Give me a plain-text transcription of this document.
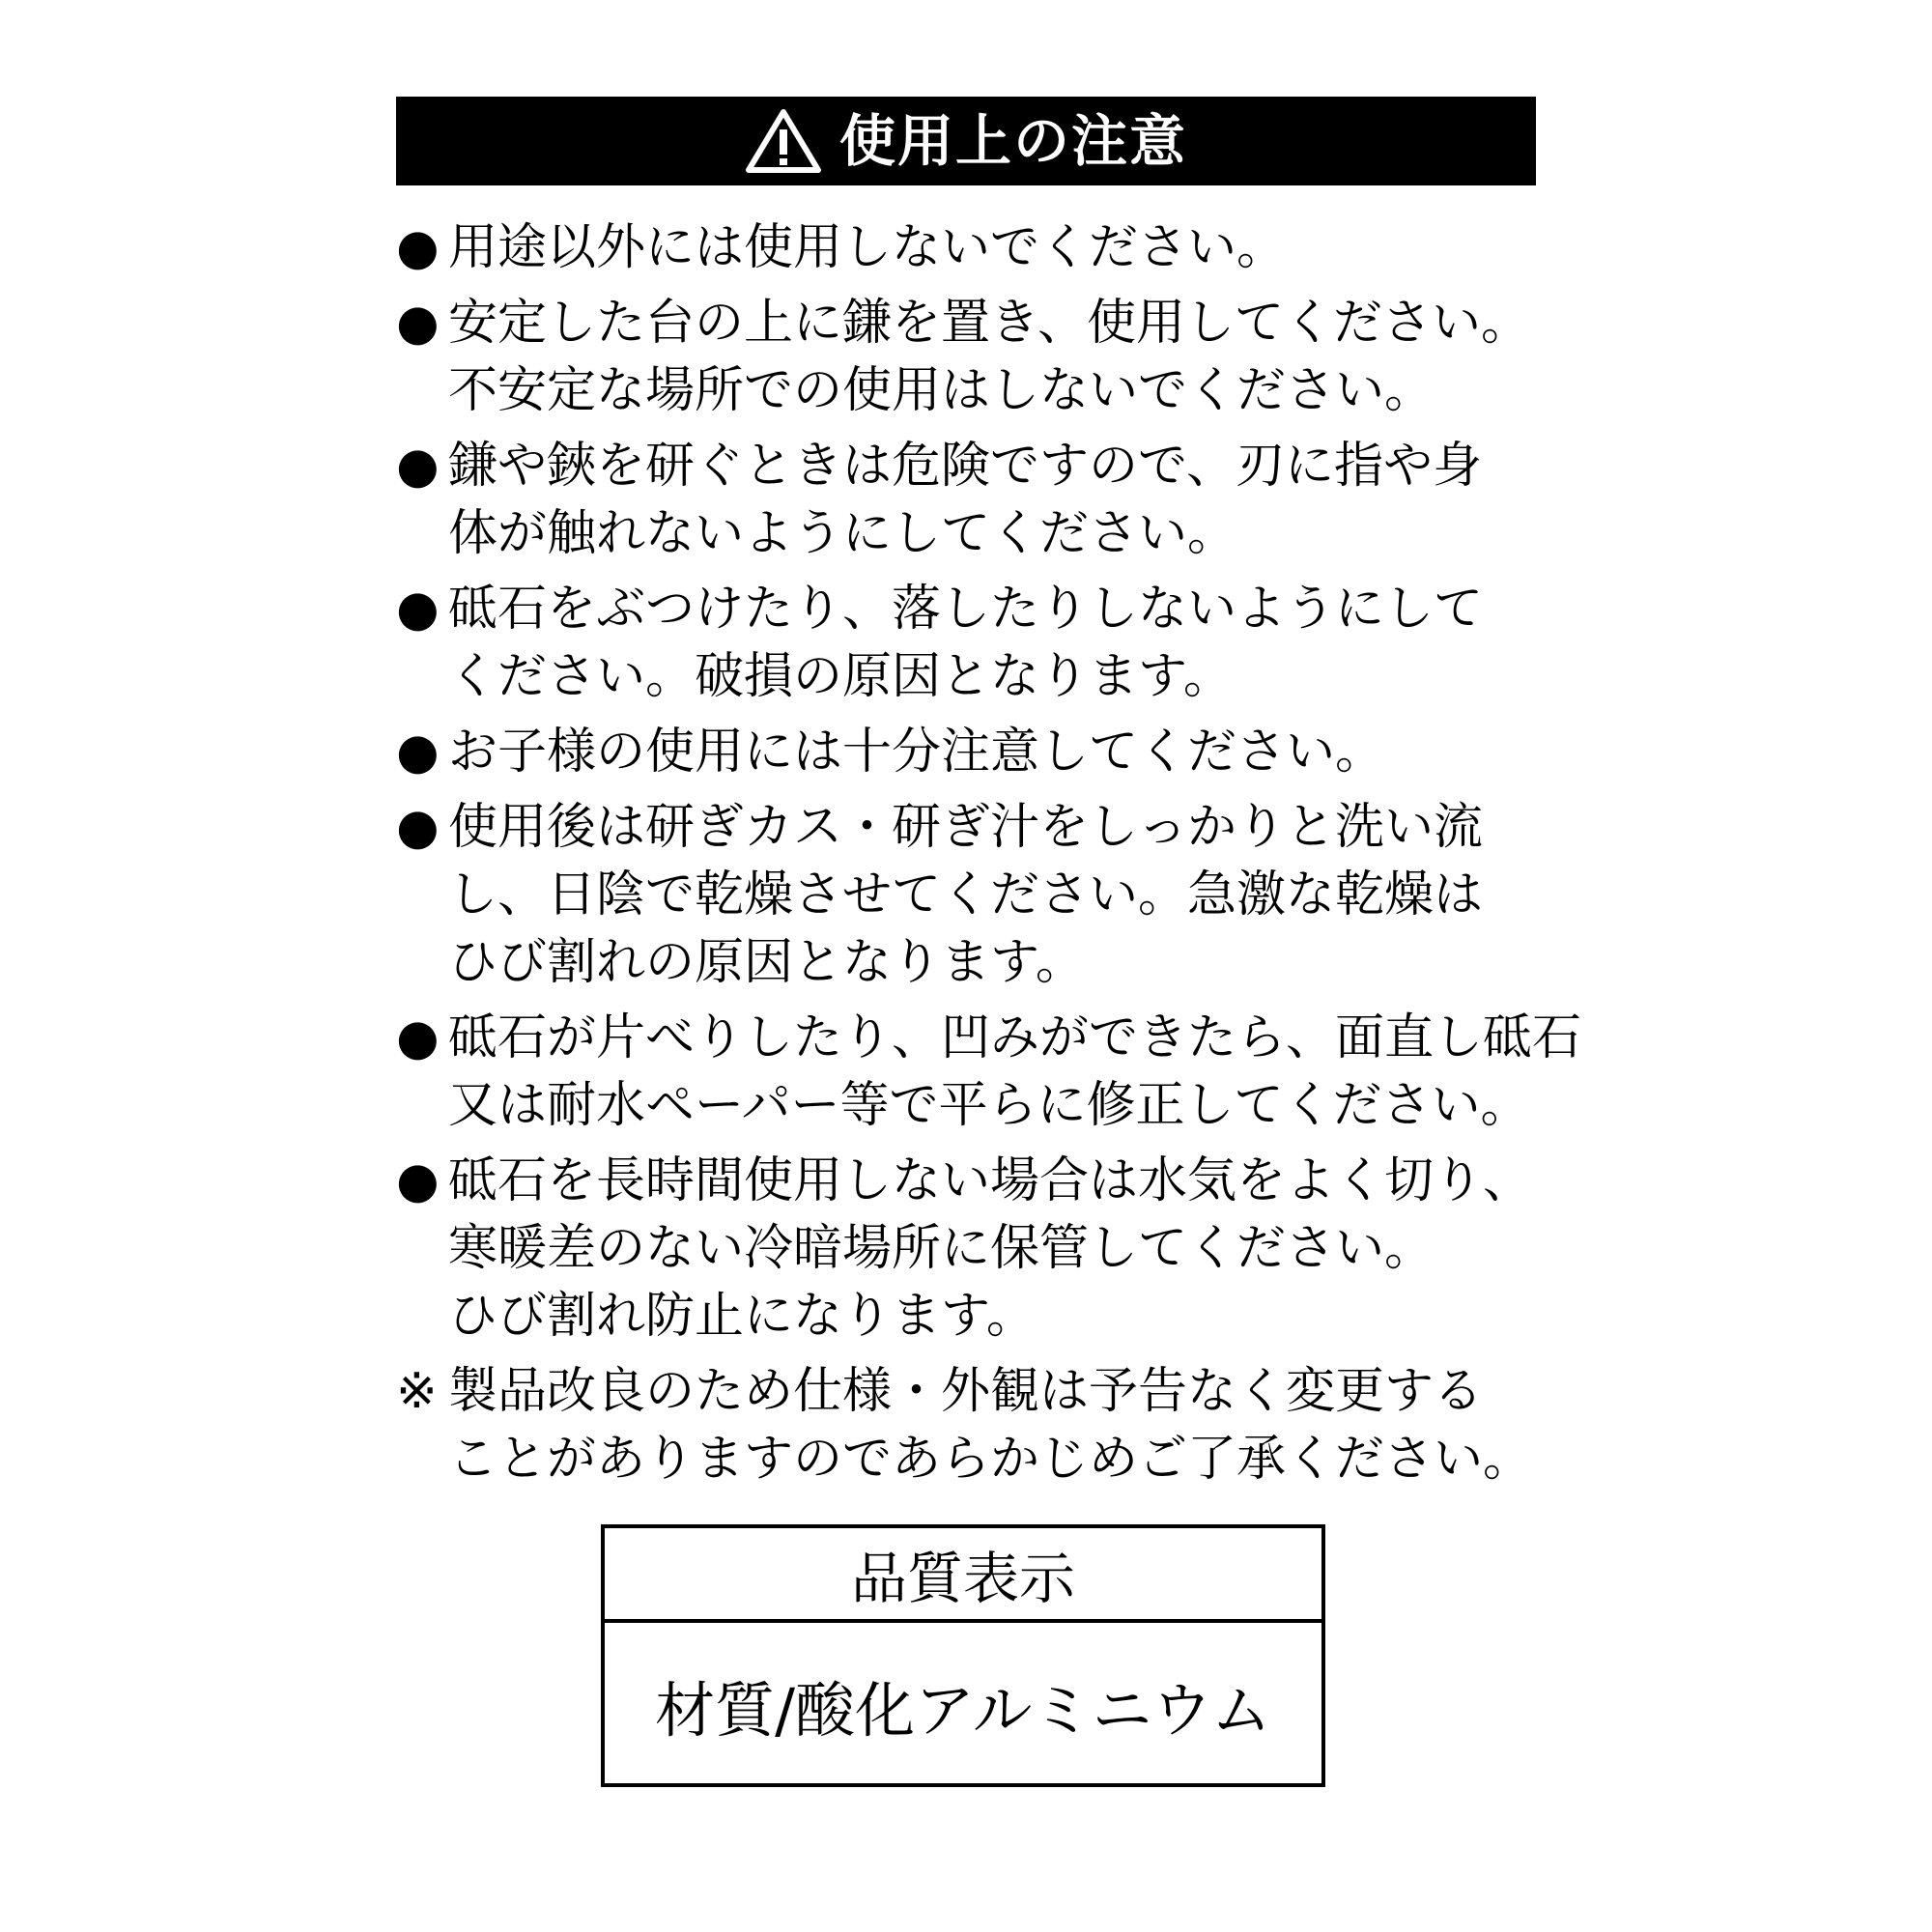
使用上の注意
● 用途以外には使用しないでください。
● 安定した台の上に鎌を置き、使用してください。
不安定な場所での使用はしないでください。
● 鎌や鋏を研ぐときは危険ですので、刃に指や身
体が触れないようにしてください。
● 砥石をぶつけたり、落したりしないようにして
ください。破損の原因となります。
● お子様の使用には十分注意してください。
● 使用後は研ぎカス・研ぎ汁をしっかりと洗い流
し、日陰で乾燥させてください。急激な乾燥は
ひび割れの原因となります。
● 砥石が片べりしたり、凹みができたら、面直し砥石
又は耐水ペーパー等で平らに修正してください。
● 砥石を長時間使用しない場合は水気をよく切り、
寒暖差のない冷暗場所に保管してください。
ひび割れ防止になります。
※ 製品改良のため仕様・外観は予告なく変更する
ことがありますのであらかじめご了承ください。
品質表示
材質/酸化アルミニウム
